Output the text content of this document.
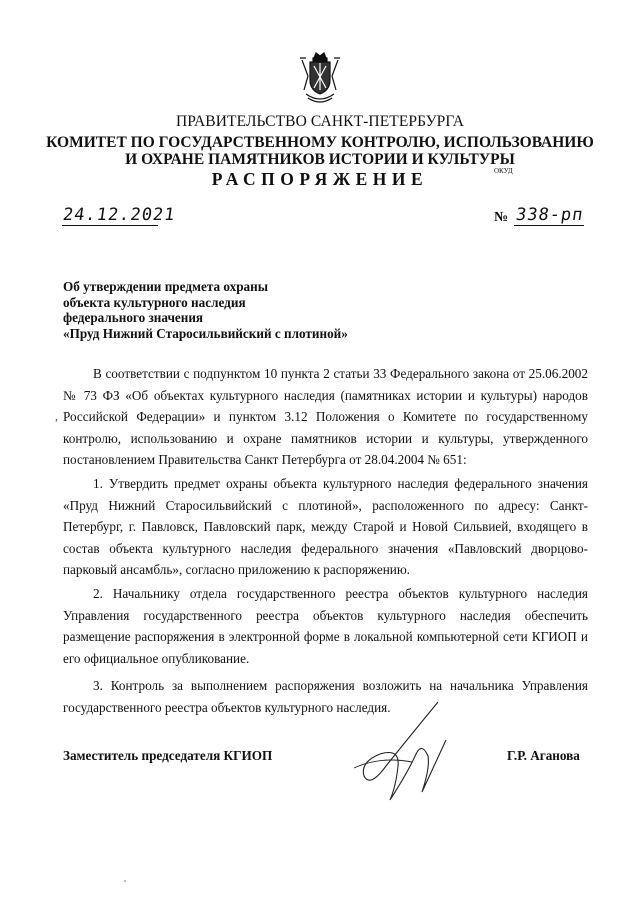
ПРАВИТЕЛЬСТВО САНКТ-ПЕТЕРБУРГА
КОМИТЕТ ПО ГОСУДАРСТВЕННОМУ КОНТРОЛЮ, ИСПОЛЬЗОВАНИЮ
И ОХРАНЕ ПАМЯТНИКОВ ИСТОРИИ И КУЛЬТУРЫ
РАСПОРЯЖЕНИЕ	ОКУД
24.12.2021	№ 338-рп
Об утверждении предмета охраны
объекта культурного наследия
федерального значения
«Пруд Нижний Старосильвийский с плотиной»
,
В соответствии с подпунктом 10 пункта 2 статьи 33 Федерального закона от 25.06.2002 № 73 ФЗ «Об объектах культурного наследия (памятниках истории и культуры) народов Российской Федерации» и пунктом 3.12 Положения о Комитете по государственному контролю, использованию и охране памятников истории и культуры, утвержденного постановлением Правительства Санкт Петербурга от 28.04.2004 № 651:
1. Утвердить предмет охраны объекта культурного наследия федерального значения «Пруд Нижний Старосильвийский с плотиной», расположенного по адресу: Санкт-Петербург, г. Павловск, Павловский парк, между Старой и Новой Сильвией, входящего в состав объекта культурного наследия федерального значения «Павловский дворцово-парковый ансамбль», согласно приложению к распоряжению.
2. Начальнику отдела государственного реестра объектов культурного наследия Управления государственного реестра объектов культурного наследия обеспечить размещение распоряжения в электронной форме в локальной компьютерной сети КГИОП и его официальное опубликование.
3. Контроль за выполнением распоряжения возложить на начальника Управления государственного реестра объектов культурного наследия.
Заместитель председателя КГИОП	Г.Р. Аганова
